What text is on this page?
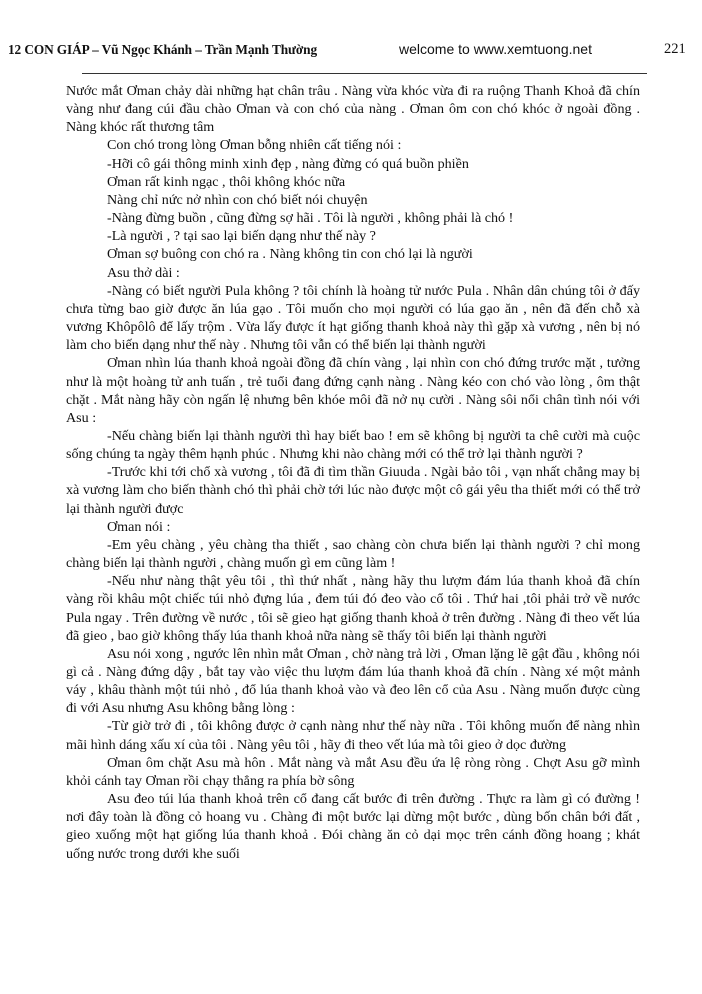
12 CON GIÁP – Vũ Ngọc Khánh – Trần Mạnh Thường	welcome to www.xemtuong.net	221

Nước mắt Ơman chảy dài những hạt chân trâu . Nàng vừa khóc vừa đi ra ruộng Thanh Khoả đã chín vàng như đang cúi đầu chào Ơman và con chó của nàng . Ơman ôm con chó khóc ở ngoài đồng . Nàng khóc rất thương tâm

Con chó trong lòng Ơman bỗng nhiên cất tiếng nói :

-Hỡi cô gái thông minh xinh đẹp , nàng đừng có quá buồn phiền

Ơman rất kinh ngạc , thôi không khóc nữa

Nàng chỉ nức nở nhìn con chó biết nói chuyện

-Nàng đừng buồn , cũng đừng sợ hãi . Tôi là người , không phải là chó !

-Là người , ? tại sao lại biến dạng như thế này ?

Ơman sợ buông con chó ra . Nàng không tin con chó lại là người

Asu thở dài :

-Nàng có biết người Pula không ? tôi chính là hoàng tử nước Pula . Nhân dân chúng tôi ở đấy chưa từng bao giờ được ăn lúa gạo . Tôi muốn cho mọi người có lúa gạo ăn , nên đã đến chỗ xà vương Khôpôlô để lấy trộm . Vừa lấy được ít hạt giống thanh khoả này thì gặp xà vương , nên bị nó làm cho biến dạng như thế này . Nhưng tôi vẫn có thể biến lại thành người

Ơman nhìn lúa thanh khoả ngoài đồng đã chín vàng , lại nhìn con chó đứng trước mặt , tưởng như là một hoàng tử anh tuấn , trẻ tuổi đang đứng cạnh nàng . Nàng kéo con chó vào lòng , ôm thật chặt . Mắt nàng hãy còn ngấn lệ nhưng bên khóe môi đã nở nụ cười . Nàng sôi nổi chân tình nói với Asu :

-Nếu chàng biến lại thành người thì hay biết bao ! em sẽ không bị người ta chê cười mà cuộc sống chúng ta ngày thêm hạnh phúc . Nhưng khi nào chàng mới có thể trở lại thành người ?

-Trước khi tới chổ xà vương , tôi đã đi tìm thần Giuuda . Ngài bảo tôi , vạn nhất chẳng may bị xà vương làm cho biến thành chó thì phải chờ tới lúc nào được một cô gái yêu tha thiết mới có thể trở lại thành người được

Ơman nói :

-Em yêu chàng , yêu chàng tha thiết , sao chàng còn chưa biến lại thành người ? chỉ mong chàng biến lại thành người , chàng muốn gì em cũng làm !

-Nếu như nàng thật yêu tôi , thì thứ nhất , nàng hãy thu lượm đám lúa thanh khoả đã chín vàng rồi khâu một chiếc túi nhỏ đựng lúa , đem túi đó đeo vào cổ tôi . Thứ hai ,tôi phải trở về nước Pula ngay . Trên đường về nước , tôi sẽ gieo hạt giống thanh khoả ở trên đường . Nàng đi theo vết lúa đã gieo , bao giờ không thấy lúa thanh khoả nữa nàng sẽ thấy tôi biến lại thành người

Asu nói xong , ngước lên nhìn mắt Ơman , chờ nàng trả lời , Ơman lặng lẽ gật đầu , không nói gì cả . Nàng đứng dậy , bắt tay vào việc thu lượm đám lúa thanh khoả đã chín . Nàng xé một mảnh váy , khâu thành một túi nhỏ , đổ lúa thanh khoả vào và đeo lên cổ của Asu . Nàng muốn được cùng đi với Asu nhưng Asu không bằng lòng :

-Từ giờ trở đi , tôi không được ở cạnh nàng như thế này nữa . Tôi không muốn để nàng nhìn mãi hình dáng xấu xí của tôi . Nàng yêu tôi , hãy đi theo vết lúa mà tôi gieo ở dọc đường

Ơman ôm chặt Asu mà hôn . Mắt nàng và mắt Asu đều ứa lệ ròng ròng . Chợt Asu gỡ mình khỏi cánh tay Ơman rồi chạy thẳng ra phía bờ sông

Asu đeo túi lúa thanh khoả trên cổ đang cất bước đi trên đường . Thực ra làm gì có đường ! nơi đây toàn là đồng cỏ hoang vu . Chàng đi một bước lại dừng một bước , dùng bốn chân bới đất , gieo xuống một hạt giống lúa thanh khoả . Đói chàng ăn cỏ dại mọc trên cánh đồng hoang ; khát uống nước trong dưới khe suối
